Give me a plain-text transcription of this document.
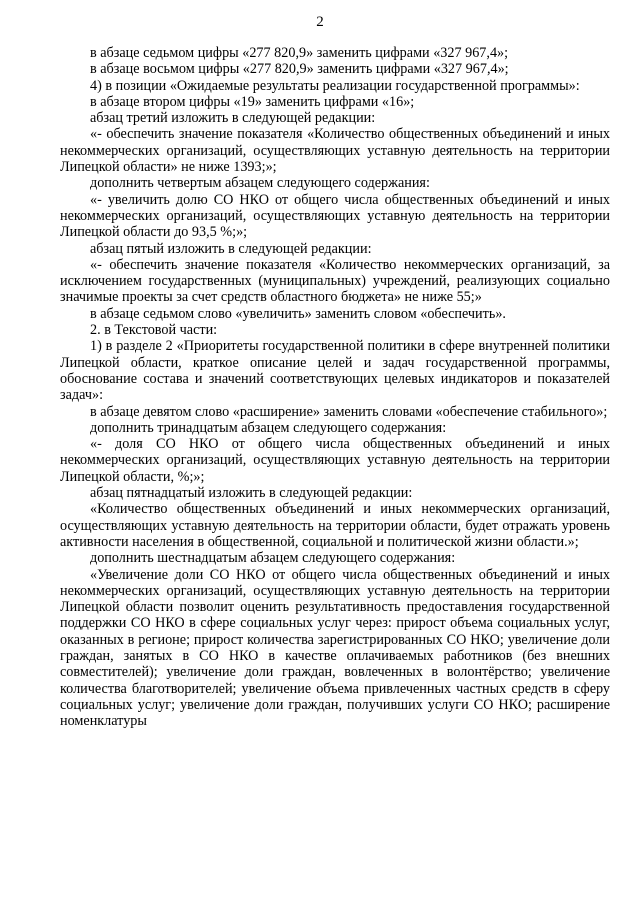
2

в абзаце седьмом цифры «277 820,9» заменить цифрами «327 967,4»;

в абзаце восьмом цифры «277 820,9» заменить цифрами «327 967,4»;

4) в позиции «Ожидаемые результаты реализации государственной программы»:

в абзаце втором цифры «19» заменить цифрами «16»;

абзац третий изложить в следующей редакции:

«- обеспечить значение показателя «Количество общественных объединений и иных некоммерческих организаций, осуществляющих уставную деятельность на территории Липецкой области» не ниже 1393;»;

дополнить четвертым абзацем следующего содержания:

«- увеличить долю СО НКО от общего числа общественных объединений и иных некоммерческих организаций, осуществляющих уставную деятельность на территории Липецкой области до 93,5 %;»;

абзац пятый изложить в следующей редакции:

«- обеспечить значение показателя «Количество некоммерческих организаций, за исключением государственных (муниципальных) учреждений, реализующих социально значимые проекты за счет средств областного бюджета» не ниже 55;»

в абзаце седьмом слово «увеличить» заменить словом «обеспечить».

2. в Текстовой части:

1) в разделе 2 «Приоритеты государственной политики в сфере внутренней политики Липецкой области, краткое описание целей и задач государственной программы, обоснование состава и значений соответствующих целевых индикаторов и показателей задач»:

в абзаце девятом слово «расширение» заменить словами «обеспечение стабильного»;

дополнить тринадцатым абзацем следующего содержания:

«- доля СО НКО от общего числа общественных объединений и иных некоммерческих организаций, осуществляющих уставную деятельность на территории Липецкой области, %;»;

абзац пятнадцатый изложить в следующей редакции:

«Количество общественных объединений и иных некоммерческих организаций, осуществляющих уставную деятельность на территории области, будет отражать уровень активности населения в общественной, социальной и политической жизни области.»;

дополнить шестнадцатым абзацем следующего содержания:

«Увеличение доли СО НКО от общего числа общественных объединений и иных некоммерческих организаций, осуществляющих уставную деятельность на территории Липецкой области позволит оценить результативность предоставления государственной поддержки СО НКО в сфере социальных услуг через: прирост объема социальных услуг, оказанных в регионе; прирост количества зарегистрированных СО НКО; увеличение доли граждан, занятых в СО НКО в качестве оплачиваемых работников (без внешних совместителей); увеличение доли граждан, вовлеченных в волонтёрство; увеличение количества благотворителей; увеличение объема привлеченных частных средств в сферу социальных услуг; увеличение доли граждан, получивших услуги СО НКО; расширение номенклатуры
